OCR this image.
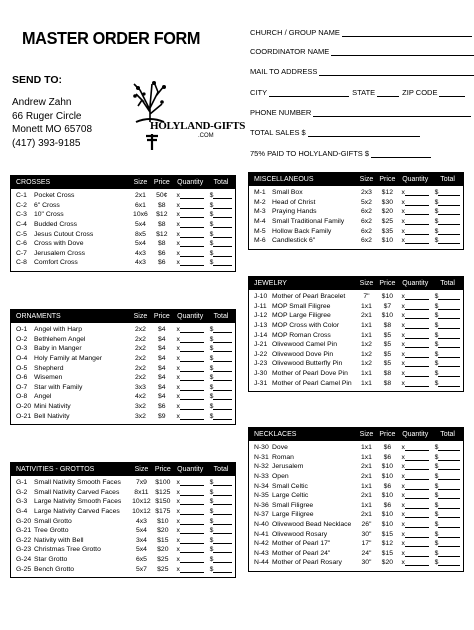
MASTER ORDER FORM
SEND TO:
Andrew Zahn
66 Ruger Circle
Monett MO 65708
(417) 393-9185
HOLYLAND-GIFTS
.COM
CHURCH / GROUP NAME
COORDINATOR NAME
MAIL TO ADDRESS
CITY	STATE	ZIP CODE
PHONE NUMBER
TOTAL SALES $
75% PAID TO HOLYLAND-GIFTS $
CROSSES	Size Price	Quantity	Total
C-1 Pocket Cross	2x1	50¢	x	$
C-2 6" Cross	6x1	$8	x	$
C-3 10" Cross	10x6	$12	x	$
C-4 Budded Cross	5x4	$8	x	$
C-5 Jesus Cutout Cross	8x5	$12	x	$
C-6 Cross with Dove	5x4	$8	x	$
C-7 Jerusalem Cross	4x3	$6	x	$
C-8 Comfort Cross	4x3	$6	x	$
ORNAMENTS	Size Price	Quantity	Total
O-1 Angel with Harp	2x2	$4	x	$
O-2 Bethlehem Angel	2x2	$4	x	$
O-3 Baby in Manger	2x2	$4	x	$
O-4 Holy Family at Manger	2x2	$4	x	$
O-5 Shepherd	2x2	$4	x	$
O-6 Wisemen	2x2	$4	x	$
O-7 Star with Family	3x3	$4	x	$
O-8 Angel	4x2	$4	x	$
O-20 Mini Nativity	3x2	$6	x	$
O-21 Bell Nativity	3x2	$9	x	$
NATIVITIES - GROTTOS	Size Price Quantity	Total
G-1 Small Nativity Smooth Faces	7x9	$100 x	$
G-2 Small Nativity Carved Faces	8x11 $125 x	$
G-3 Large Nativity Smooth Faces	10x12 $150 x	$
G-4 Large Nativity Carved Faces	10x12 $175 x	$
G-20 Small Grotto	4x3	$10	x	$
G-21 Tree Grotto	5x4	$20	x	$
G-22 Nativity with Bell	3x4	$15	x	$
G-23 Christmas Tree Grotto	5x4	$20	x	$
G-24 Star Grotto	6x5	$25	x	$
G-25 Bench Grotto	5x7	$25	x	$
MISCELLANEOUS	Size Price Quantity	Total
M-1 Small Box	2x3	$12	x	$
M-2 Head of Christ	5x2	$30	x	$
M-3 Praying Hands	6x2	$20	x	$
M-4 Small Traditional Family	6x2	$25	x	$
M-5 Hollow Back Family	6x2	$35	x	$
M-6 Candlestick 6"	6x2	$10	x	$
JEWELRY	Size Price Quantity	Total
J-10 Mother of Pearl Bracelet	7"	$10	x	$
J-11 MOP Small Filigree	1x1	$7	x	$
J-12 MOP Large Filigree	2x1	$10	x	$
J-13 MOP Cross with Color	1x1	$8	x	$
J-14 MOP Roman Cross	1x1	$5	x	$
J-21 Olivewood Camel Pin	1x2	$5	x	$
J-22 Olivewood Dove Pin	1x2	$5	x	$
J-23 Olivewood Butterfly Pin	1x2	$5	x	$
J-30 Mother of Pearl Dove Pin	1x1	$8	x	$
J-31 Mother of Pearl Camel Pin	1x1	$8	x	$
NECKLACES	Size Price Quantity	Total
N-30 Dove	1x1	$6	x	$
N-31 Roman	1x1	$6	x	$
N-32 Jerusalem	2x1	$10	x	$
N-33 Open	2x1	$10	x	$
N-34 Small Celtic	1x1	$6	x	$
N-35 Large Celtic	2x1	$10	x	$
N-36 Small Filigree	1x1	$6	x	$
N-37 Large Filigree	2x1	$10	x	$
N-40 Olivewood Bead Necklace	26"	$10	x	$
N-41 Olivewood Rosary	30"	$15	x	$
N-42 Mother of Pearl 17"	17"	$12	x	$
N-43 Mother of Pearl 24"	24"	$15	x	$
N-44 Mother of Pearl Rosary	30"	$20	x	$
